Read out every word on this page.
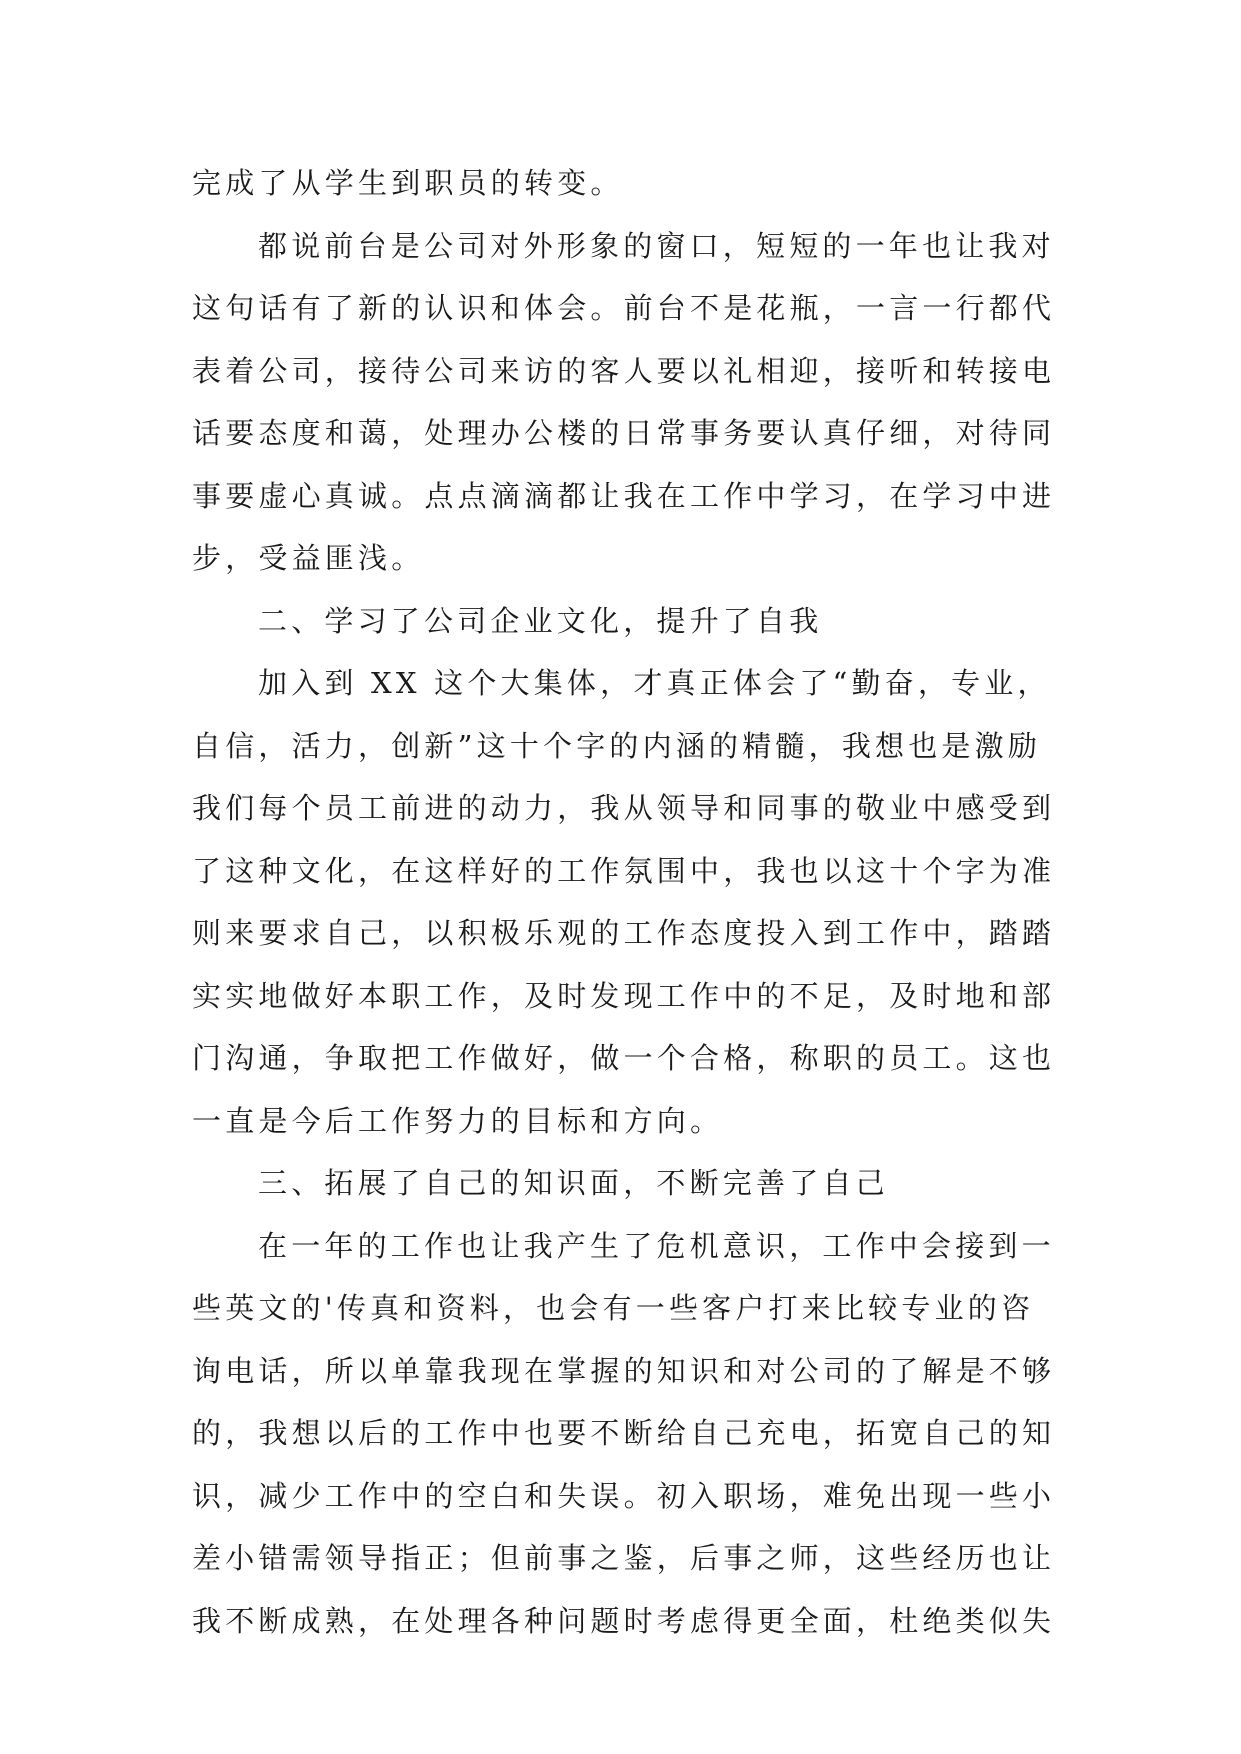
完成了从学生到职员的转变。
都说前台是公司对外形象的窗口，短短的一年也让我对
这句话有了新的认识和体会。前台不是花瓶，一言一行都代
表着公司，接待公司来访的客人要以礼相迎，接听和转接电
话要态度和蔼，处理办公楼的日常事务要认真仔细，对待同
事要虚心真诚。点点滴滴都让我在工作中学习，在学习中进
步，受益匪浅。
二、学习了公司企业文化，提升了自我
加入到 XX 这个大集体，才真正体会了“勤奋，专业，
自信，活力，创新”这十个字的内涵的精髓，我想也是激励
我们每个员工前进的动力，我从领导和同事的敬业中感受到
了这种文化，在这样好的工作氛围中，我也以这十个字为准
则来要求自己，以积极乐观的工作态度投入到工作中，踏踏
实实地做好本职工作，及时发现工作中的不足，及时地和部
门沟通，争取把工作做好，做一个合格，称职的员工。这也
一直是今后工作努力的目标和方向。
三、拓展了自己的知识面，不断完善了自己
在一年的工作也让我产生了危机意识，工作中会接到一
些英文的'传真和资料，也会有一些客户打来比较专业的咨
询电话，所以单靠我现在掌握的知识和对公司的了解是不够
的，我想以后的工作中也要不断给自己充电，拓宽自己的知
识，减少工作中的空白和失误。初入职场，难免出现一些小
差小错需领导指正；但前事之鉴，后事之师，这些经历也让
我不断成熟，在处理各种问题时考虑得更全面，杜绝类似失
